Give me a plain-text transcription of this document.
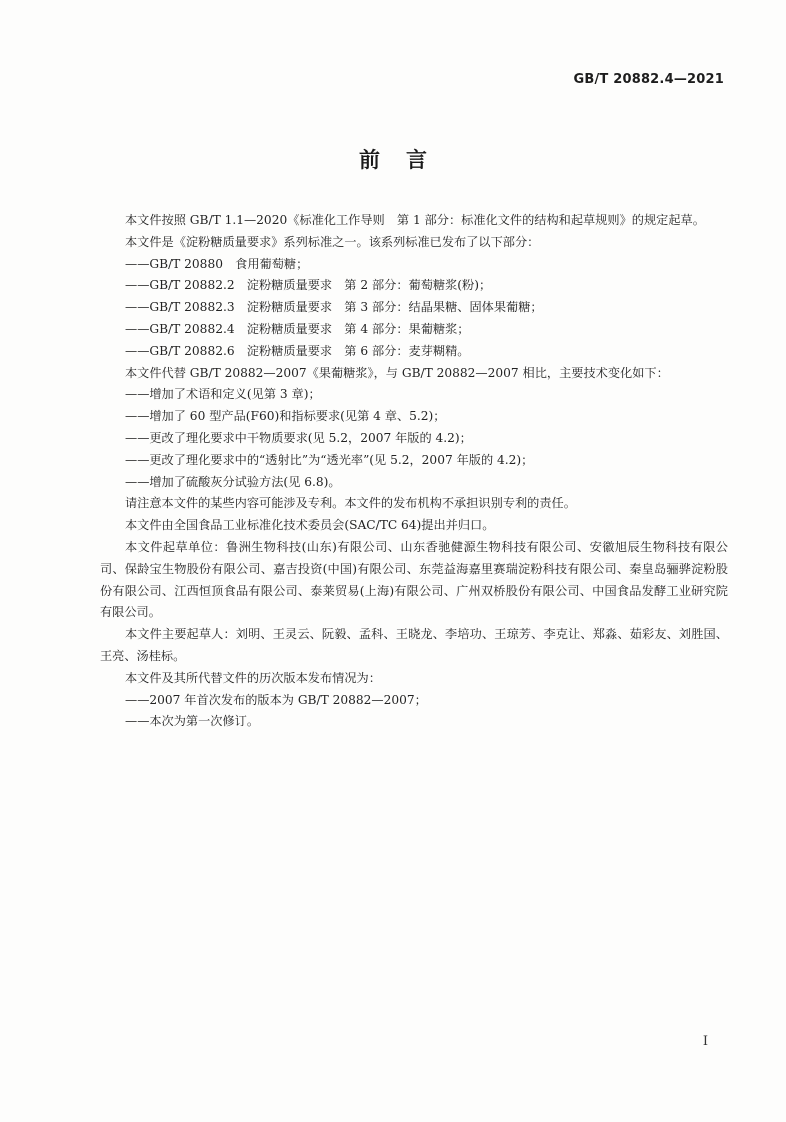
GB/T 20882.4—2021
前言

本文件按照 GB/T 1.1—2020《标准化工作导则　第 1 部分：标准化文件的结构和起草规则》的规定起草。

本文件是《淀粉糖质量要求》系列标准之一。该系列标准已发布了以下部分：

——GB/T 20880　食用葡萄糖；

——GB/T 20882.2　淀粉糖质量要求　第 2 部分：葡萄糖浆(粉)；

——GB/T 20882.3　淀粉糖质量要求　第 3 部分：结晶果糖、固体果葡糖；

——GB/T 20882.4　淀粉糖质量要求　第 4 部分：果葡糖浆；

——GB/T 20882.6　淀粉糖质量要求　第 6 部分：麦芽糊精。

本文件代替 GB/T 20882—2007《果葡糖浆》，与 GB/T 20882—2007 相比，主要技术变化如下：

——增加了术语和定义(见第 3 章)；

——增加了 60 型产品(F60)和指标要求(见第 4 章、5.2)；

——更改了理化要求中干物质要求(见 5.2，2007 年版的 4.2)；

——更改了理化要求中的“透射比”为“透光率”(见 5.2，2007 年版的 4.2)；

——增加了硫酸灰分试验方法(见 6.8)。

请注意本文件的某些内容可能涉及专利。本文件的发布机构不承担识别专利的责任。

本文件由全国食品工业标准化技术委员会(SAC/TC 64)提出并归口。

本文件起草单位：鲁洲生物科技(山东)有限公司、山东香驰健源生物科技有限公司、安徽旭辰生物科技有限公司、保龄宝生物股份有限公司、嘉吉投资(中国)有限公司、东莞益海嘉里赛瑞淀粉科技有限公司、秦皇岛骊骅淀粉股份有限公司、江西恒顶食品有限公司、泰莱贸易(上海)有限公司、广州双桥股份有限公司、中国食品发酵工业研究院有限公司。

本文件主要起草人：刘明、王灵云、阮毅、孟科、王晓龙、李培功、王琼芳、李克让、郑淼、茹彩友、刘胜国、王亮、汤桂标。

本文件及其所代替文件的历次版本发布情况为：

——2007 年首次发布的版本为 GB/T 20882—2007；

——本次为第一次修订。

I
